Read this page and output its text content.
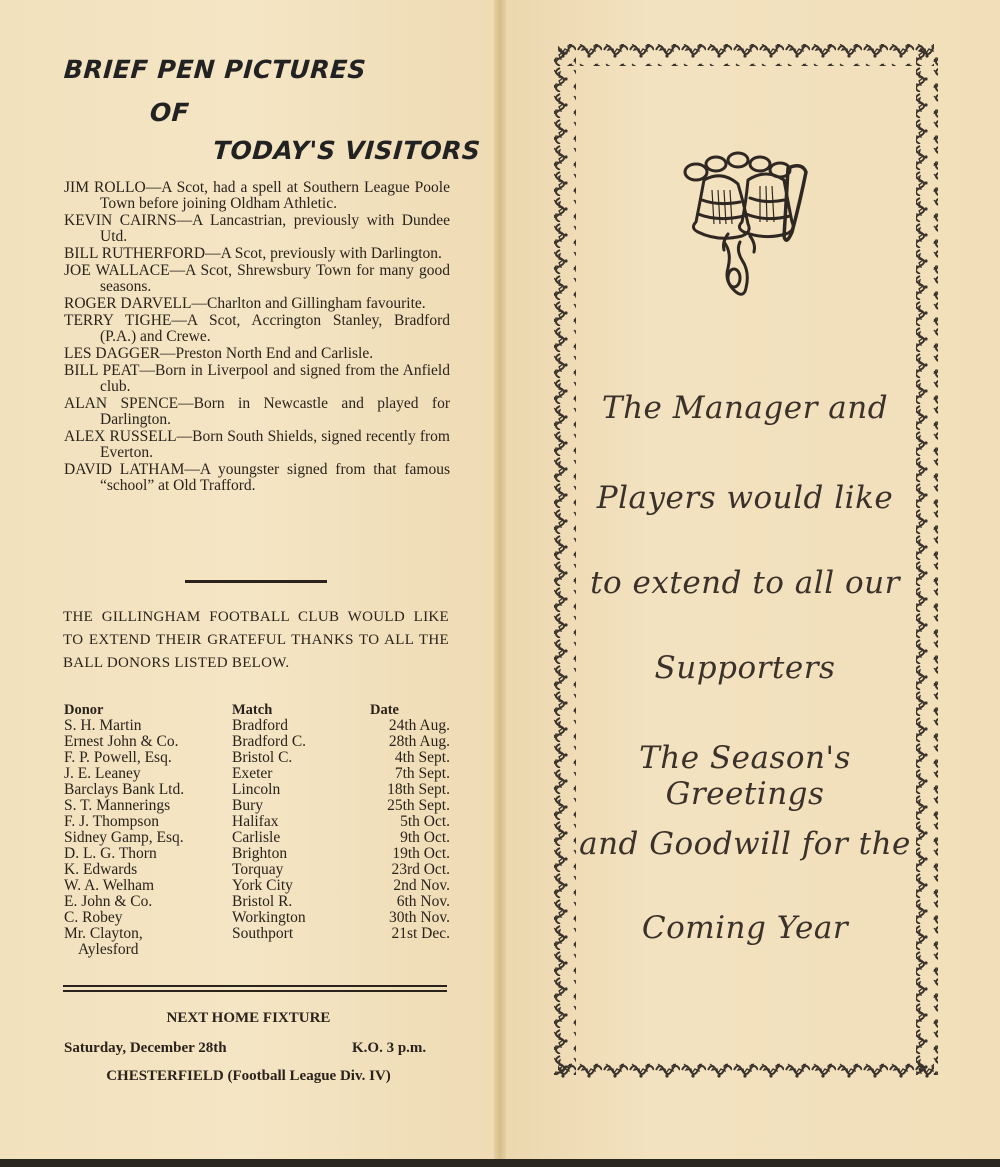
BRIEF PEN PICTURES
OF
TODAY'S VISITORS
JIM ROLLO—A Scot, had a spell at Southern League Poole Town before joining Oldham Athletic.
KEVIN CAIRNS—A Lancastrian, previously with Dundee Utd.
BILL RUTHERFORD—A Scot, previously with Darlington.
JOE WALLACE—A Scot, Shrewsbury Town for many good seasons.
ROGER DARVELL—Charlton and Gillingham favourite.
TERRY TIGHE—A Scot, Accrington Stanley, Bradford (P.A.) and Crewe.
LES DAGGER—Preston North End and Carlisle.
BILL PEAT—Born in Liverpool and signed from the Anfield club.
ALAN SPENCE—Born in Newcastle and played for Darlington.
ALEX RUSSELL—Born South Shields, signed recently from Everton.
DAVID LATHAM—A youngster signed from that famous “school” at Old Trafford.
THE GILLINGHAM FOOTBALL CLUB WOULD LIKE TO EXTEND THEIR GRATEFUL THANKS TO ALL THE BALL DONORS LISTED BELOW.
Donor	Match	Date
S. H. Martin	Bradford	24th Aug.
Ernest John & Co.	Bradford C.	28th Aug.
F. P. Powell, Esq.	Bristol C.	4th Sept.
J. E. Leaney	Exeter	7th Sept.
Barclays Bank Ltd.	Lincoln	18th Sept.
S. T. Mannerings	Bury	25th Sept.
F. J. Thompson	Halifax	5th Oct.
Sidney Gamp, Esq.	Carlisle	9th Oct.
D. L. G. Thorn	Brighton	19th Oct.
K. Edwards	Torquay	23rd Oct.
W. A. Welham	York City	2nd Nov.
E. John & Co.	Bristol R.	6th Nov.
C. Robey	Workington	30th Nov.
Mr. Clayton,	Southport	21st Dec.
Aylesford
NEXT HOME FIXTURE
Saturday, December 28th	K.O. 3 p.m.
CHESTERFIELD (Football League Div. IV)
The Manager and
Players would like
to extend to all our
Supporters
The Season's Greetings
and Goodwill for the
Coming Year
